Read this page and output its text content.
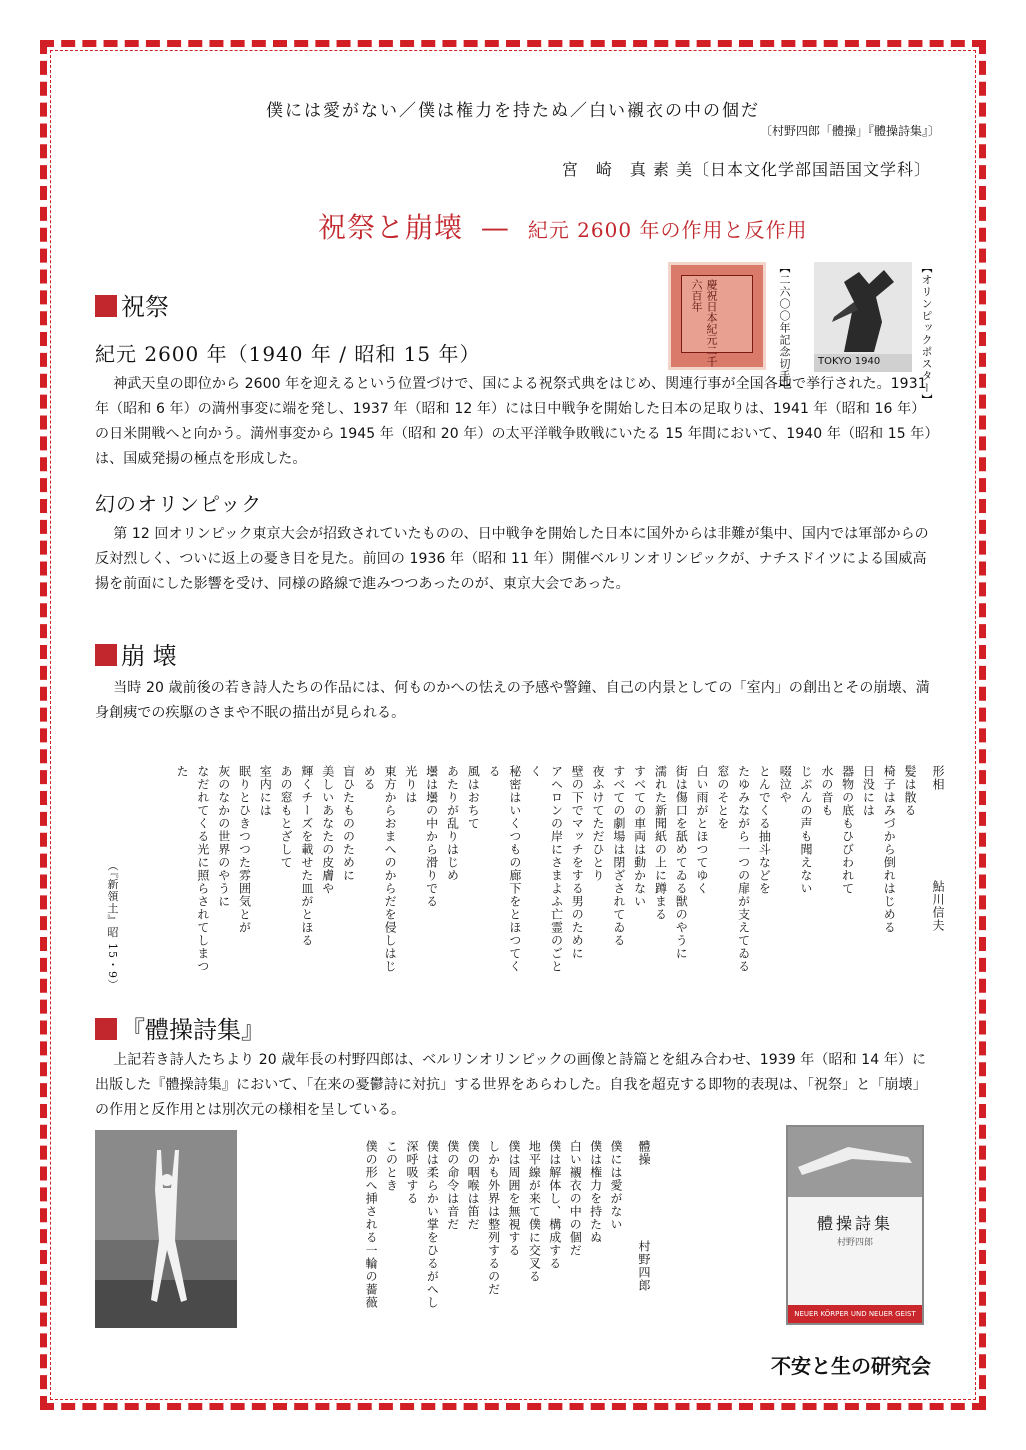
僕には愛がない／僕は権力を持たぬ／白い襯衣の中の個だ
〔村野四郎「體操」『體操詩集』〕
宮　崎　真 素 美〔日本文化学部国語国文学科〕
祝祭と崩壊 — 紀元 2600 年の作用と反作用
慶祝日本紀元二千六百年	【二六〇〇年記念切手】	TOKYO 1940	【オリンピックポスター】
祝祭
紀元 2600 年（1940 年 / 昭和 15 年）
神武天皇の即位から 2600 年を迎えるという位置づけで、国による祝祭式典をはじめ、関連行事が全国各地で挙行された。1931 年（昭和 6 年）の満州事変に端を発し、1937 年（昭和 12 年）には日中戦争を開始した日本の足取りは、1941 年（昭和 16 年）の日米開戦へと向かう。満州事変から 1945 年（昭和 20 年）の太平洋戦争敗戦にいたる 15 年間において、1940 年（昭和 15 年）は、国威発揚の極点を形成した。
幻のオリンピック
第 12 回オリンピック東京大会が招致されていたものの、日中戦争を開始した日本に国外からは非難が集中、国内では軍部からの反対烈しく、ついに返上の憂き目を見た。前回の 1936 年（昭和 11 年）開催ベルリンオリンピックが、ナチスドイツによる国威高揚を前面にした影響を受け、同様の路線で進みつつあったのが、東京大会であった。
崩 壊
当時 20 歳前後の若き詩人たちの作品には、何ものかへの怯えの予感や警鐘、自己の内景としての「室内」の創出とその崩壊、満身創痍での疾駆のさまや不眠の描出が見られる。
形相
鮎川信夫
髪は散る
椅子はみづから倒れはじめる
日没には
器物の底もひびわれて
水の音も
じぶんの声も聞えない
啜泣や
とんでくる抽斗などを
たゆみながら一つの扉が支えてゐる
窓のそとを
白い雨がとほつてゆく
街は傷口を舐めてゐる獣のやうに
濡れた新聞紙の上に蹲まる
すべての車両は動かない
すべての劇場は閉ざされてゐる
夜ふけてただひとり
壁の下でマッチをする男のために
アヘロンの岸にさまよふ亡霊のごとく
秘密はいくつもの廊下をとほつてくる
風はおちて
あたりが乱りはじめ
壜は壜の中から滑りでる
光りは
東方からおまへのからだを侵しはじめる
盲ひたもののために
美しいあなたの皮膚や
輝くチーズを載せた皿がとほる
あの窓もとざして
室内には
眠りとひきつつた雰囲気とが
灰のなかの世界のやうに
なだれてくる光に照らされてしまつた
（『新領土』昭 15・9）
『體操詩集』
上記若き詩人たちより 20 歳年長の村野四郎は、ベルリンオリンピックの画像と詩篇とを組み合わせ、1939 年（昭和 14 年）に出版した『體操詩集』において、「在来の憂鬱詩に対抗」する世界をあらわした。自我を超克する即物的表現は、「祝祭」と「崩壊」の作用と反作用とは別次元の様相を呈している。
體操
村野四郎
僕には愛がない
僕は権力を持たぬ
白い襯衣の中の個だ
僕は解体し、構成する
地平線が来て僕に交叉る
僕は周囲を無視する
しかも外界は整列するのだ
僕の咽喉は笛だ
僕の命令は音だ
僕は柔らかい掌をひるがへし
深呼吸する
このとき
僕の形へ挿される一輪の薔薇	體操詩集
村野四郎
NEUER KÖRPER UND NEUER GEIST
不安と生の研究会
